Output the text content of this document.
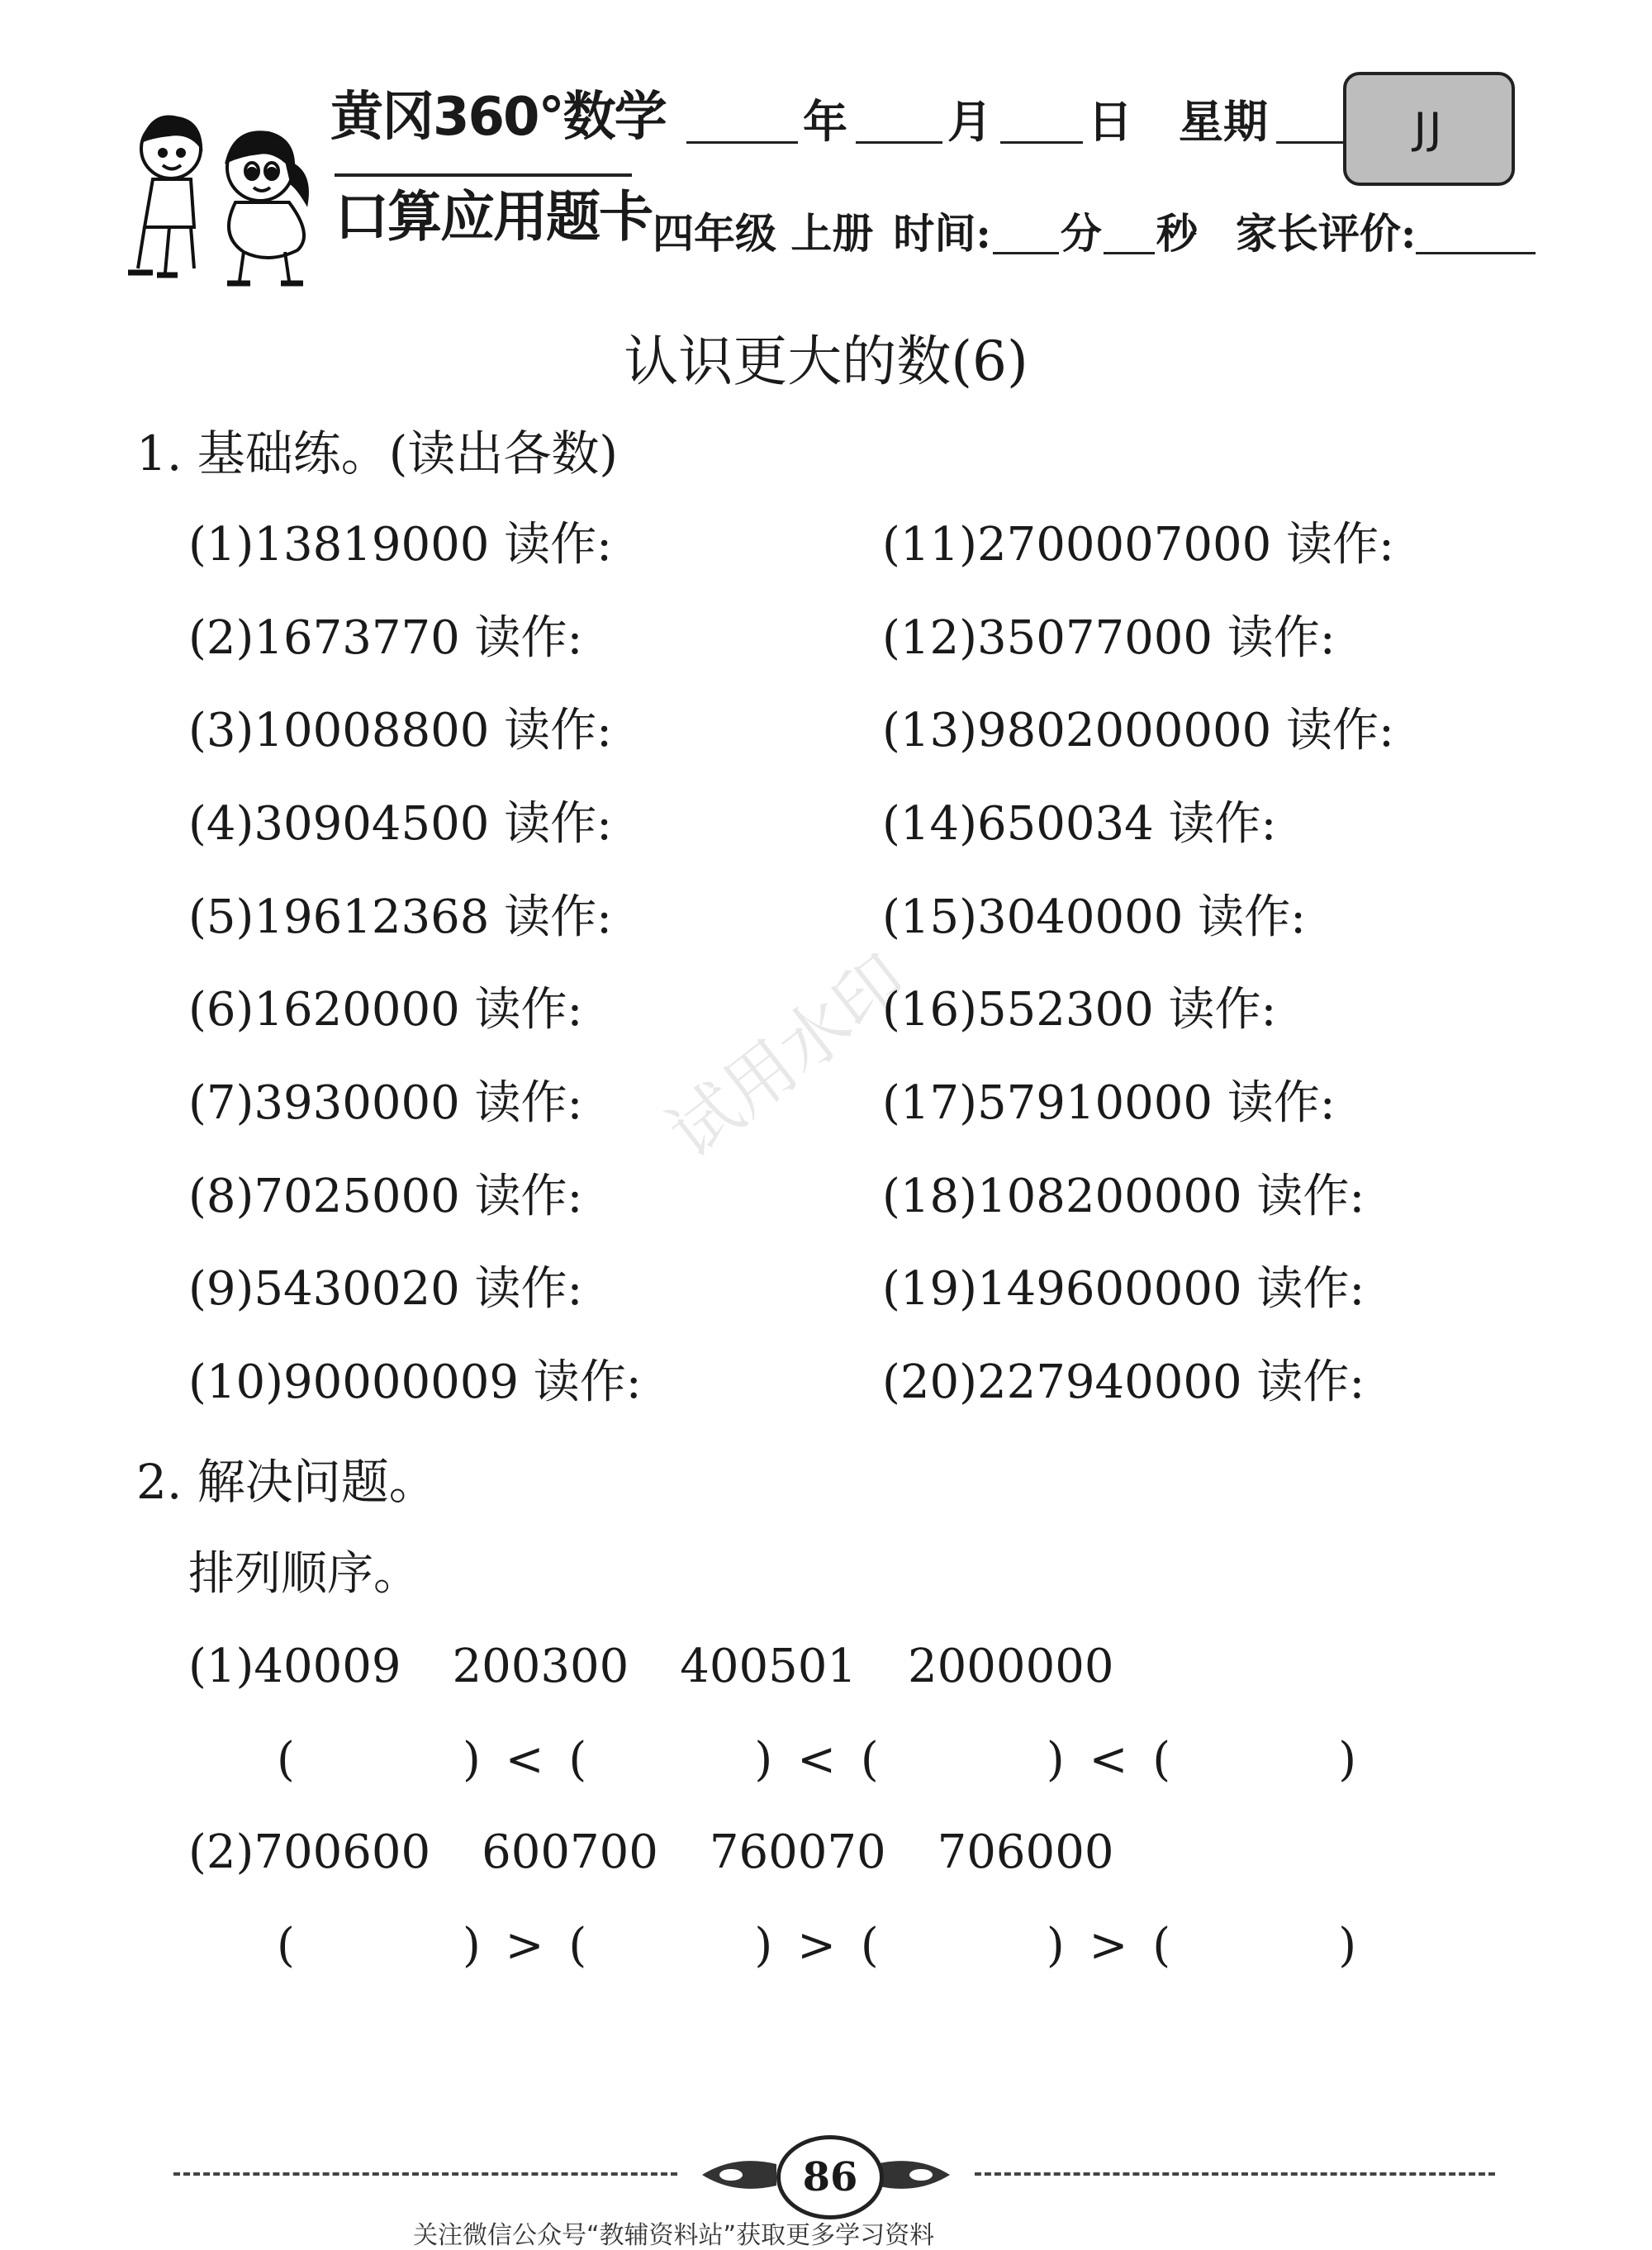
黄冈360°数学
口算应用题卡
年 月 日 星期	JJ
四年级 上册 时间: 分 秒 家长评价:
认识更大的数(6)
1. 基础练。(读出各数)
(1)13819000 读作:
(2)1673770 读作:
(3)10008800 读作:
(4)30904500 读作:
(5)19612368 读作:
(6)1620000 读作:
(7)3930000 读作:
(8)7025000 读作:
(9)5430020 读作:
(10)90000009 读作:
(11)2700007000 读作:
(12)35077000 读作:
(13)9802000000 读作:
(14)650034 读作:
(15)3040000 读作:
(16)552300 读作:
(17)57910000 读作:
(18)108200000 读作:
(19)149600000 读作:
(20)227940000 读作:
试用水印
2. 解决问题。
排列顺序。
(1)40009 200300 400501 2000000
(	) < (	) < (	) < (	)
(2)700600 600700 760070 706000
(	) > (	) > (	) > (	)
86
关注微信公众号“教辅资料站”获取更多学习资料
